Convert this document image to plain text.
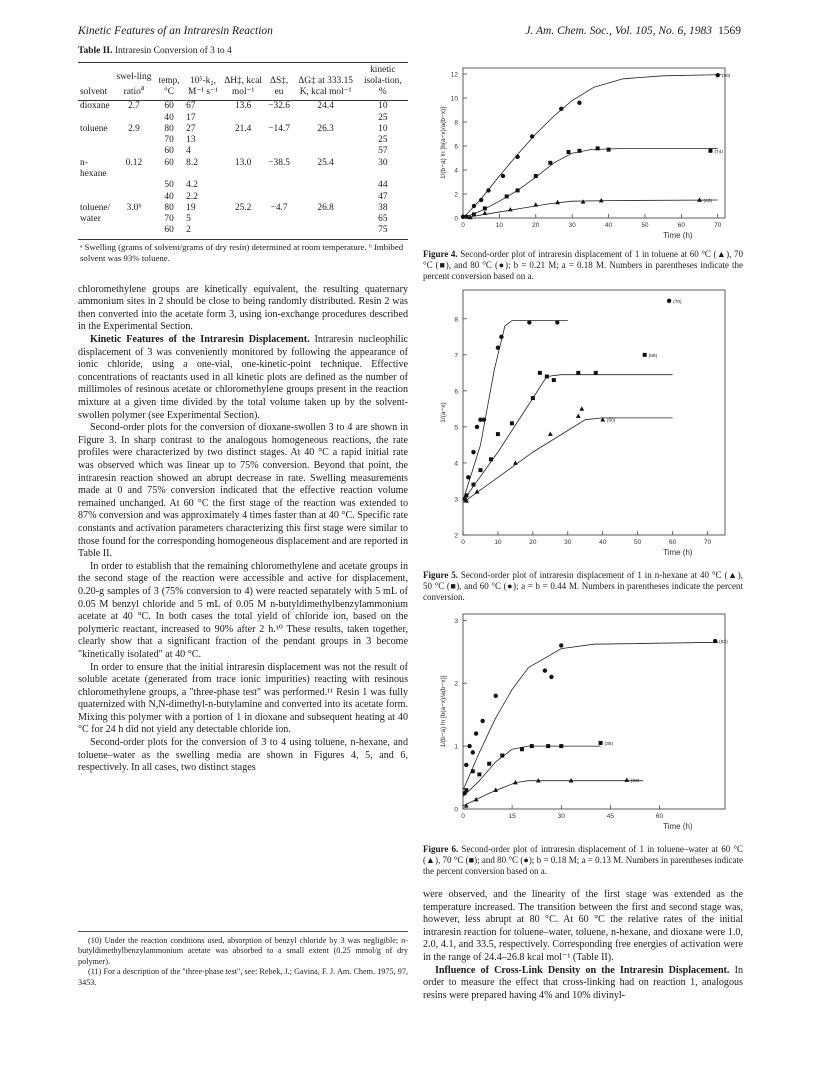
Kinetic Features of an Intraresin Reaction	J. Am. Chem. Soc., Vol. 105, No. 6, 1983 1569
Table II. Intraresin Conversion of 3 to 4

solvent	swel-ling ratio$^a$	temp, °C	10⁵-k₂, M⁻¹ s⁻¹	ΔH‡, kcal mol⁻¹	ΔS‡, eu	ΔG‡ at 333.15 K, kcal mol⁻¹	kinetic isola-tion, %
dioxane	2.7	60	67	13.6	−32.6	24.4	10
		40	17				25
toluene	2.9	80	27	21.4	−14.7	26.3	10
		70	13				25
		60	4				57
n-hexane	0.12	60	8.2	13.0	−38.5	25.4	30
		50	4.2				44
		40	2.2				47
toluene/	3.0ᵇ	80	19	25.2	−4.7	26.8	38
water		70	5				65
		60	2				75
ᵃ Swelling (grams of solvent/grams of dry resin) determined at room temperature. ᵇ Imbibed solvent was 93% toluene.							

chloromethylene groups are kinetically equivalent, the resulting quaternary ammonium sites in 2 should be close to being randomly distributed. Resin 2 was then converted into the acetate form 3, using ion-exchange procedures described in the Experimental Section.

Kinetic Features of the Intraresin Displacement. Intraresin nucleophilic displacement of 3 was conveniently monitored by following the appearance of ionic chloride, using a one-vial, one-kinetic-point technique. Effective concentrations of reactants used in all kinetic plots are defined as the number of millimoles of resinous acetate or chloromethylene groups present in the reaction mixture at a given time divided by the total volume taken up by the solvent-swollen polymer (see Experimental Section).

Second-order plots for the conversion of dioxane-swollen 3 to 4 are shown in Figure 3. In sharp contrast to the analogous homogeneous reactions, the rate profiles were characterized by two distinct stages. At 40 °C a rapid initial rate was observed which was linear up to 75% conversion. Beyond that point, the intraresin reaction showed an abrupt decrease in rate. Swelling measurements made at 0 and 75% conversion indicated that the effective reaction volume remained unchanged. At 60 °C the first stage of the reaction was extended to 87% conversion and was approximately 4 times faster than at 40 °C. Specific rate constants and activation parameters characterizing this first stage were similar to those found for the corresponding homogeneous displacement and are reported in Table II.

In order to establish that the remaining chloromethylene and acetate groups in the second stage of the reaction were accessible and active for displacement, 0.20-g samples of 3 (75% conversion to 4) were reacted separately with 5 mL of 0.05 M benzyl chloride and 5 mL of 0.05 M n-butyldimethylbenzylammonium acetate at 40 °C. In both cases the total yield of chloride ion, based on the polymeric reactant, increased to 90% after 2 h.¹⁰ These results, taken together, clearly show that a significant fraction of the pendant groups in 3 become "kinetically isolated" at 40 °C.

In order to ensure that the initial intraresin displacement was not the result of soluble acetate (generated from trace ionic impurities) reacting with resinous chloromethylene groups, a "three-phase test" was performed.¹¹ Resin 1 was fully quaternized with N,N-dimethyl-n-butylamine and converted into its acetate form. Mixing this polymer with a portion of 1 in dioxane and subsequent heating at 40 °C for 24 h did not yield any detectable chloride ion.

Second-order plots for the conversion of 3 to 4 using toluene, n-hexane, and toluene–water as the swelling media are shown in Figures 4, 5, and 6, respectively. In all cases, two distinct stages

(10) Under the reaction conditions used, absorption of benzyl chloride by 3 was negligible; n-butyldimethylbenzylammonium acetate was absorbed to a small extent (0.25 mmol/g of dry polymer).

(11) For a description of the "three-phase test", see: Rebek, J.; Gavina, F. J. Am. Chem. 1975, 97, 3453.

0	10	20	30	40	50	60	70
0
2
4
6
8
10
12
Time (h)
1/(b−a) ln [b(a−x)/a(b−x)]
(90)
(74)
(43)
Figure 4. Second-order plot of intraresin displacement of 1 in toluene at 60 °C (▲), 70 °C (■), and 80 °C (●); b = 0.21 M; a = 0.18 M. Numbers in parentheses indicate the percent conversion based on a.
0	10	20	30	40	50	60	70
2
3
4
5
6
7
8
Time (h)
1/(a−x)
(70)
(59)
(50)
Figure 5. Second-order plot of intraresin displacement of 1 in n-hexane at 40 °C (▲), 50 °C (■), and 60 °C (●); a = b = 0.44 M. Numbers in parentheses indicate the percent conversion.
0	15	30	45	60
0
1
2
3
Time (h)
1/(b−a) ln [b(a−x)/a(b−x)]
(82)
(38)
(33)
Figure 6. Second-order plot of intraresin displacement of 1 in toluene–water at 60 °C (▲), 70 °C (■); and 80 °C (●); b = 0.18 M; a = 0.13 M. Numbers in parentheses indicate the percent conversion based on a.

were observed, and the linearity of the first stage was extended as the temperature increased. The transition between the first and second stage was, however, less abrupt at 80 °C. At 60 °C the relative rates of the initial intraresin reaction for toluene–water, toluene, n-hexane, and dioxane were 1.0, 2.0, 4.1, and 33.5, respectively. Corresponding free energies of activation were in the range of 24.4–26.8 kcal mol⁻¹ (Table II).

Influence of Cross-Link Density on the Intraresin Displacement. In order to measure the effect that cross-linking had on reaction 1, analogous resins were prepared having 4% and 10% divinyl-
